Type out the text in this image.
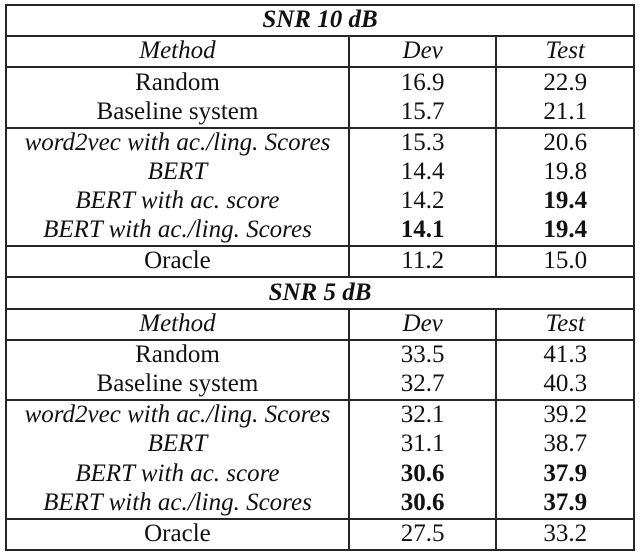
SNR 10 dB		
Method	Dev	Test
Random	16.9	22.9
Baseline system	15.7	21.1
word2vec with ac./ling. Scores	15.3	20.6
BERT	14.4	19.8
BERT with ac. score	14.2	19.4
BERT with ac./ling. Scores	14.1	19.4
Oracle	11.2	15.0
SNR 5 dB		
Method	Dev	Test
Random	33.5	41.3
Baseline system	32.7	40.3
word2vec with ac./ling. Scores	32.1	39.2
BERT	31.1	38.7
BERT with ac. score	30.6	37.9
BERT with ac./ling. Scores	30.6	37.9
Oracle	27.5	33.2
